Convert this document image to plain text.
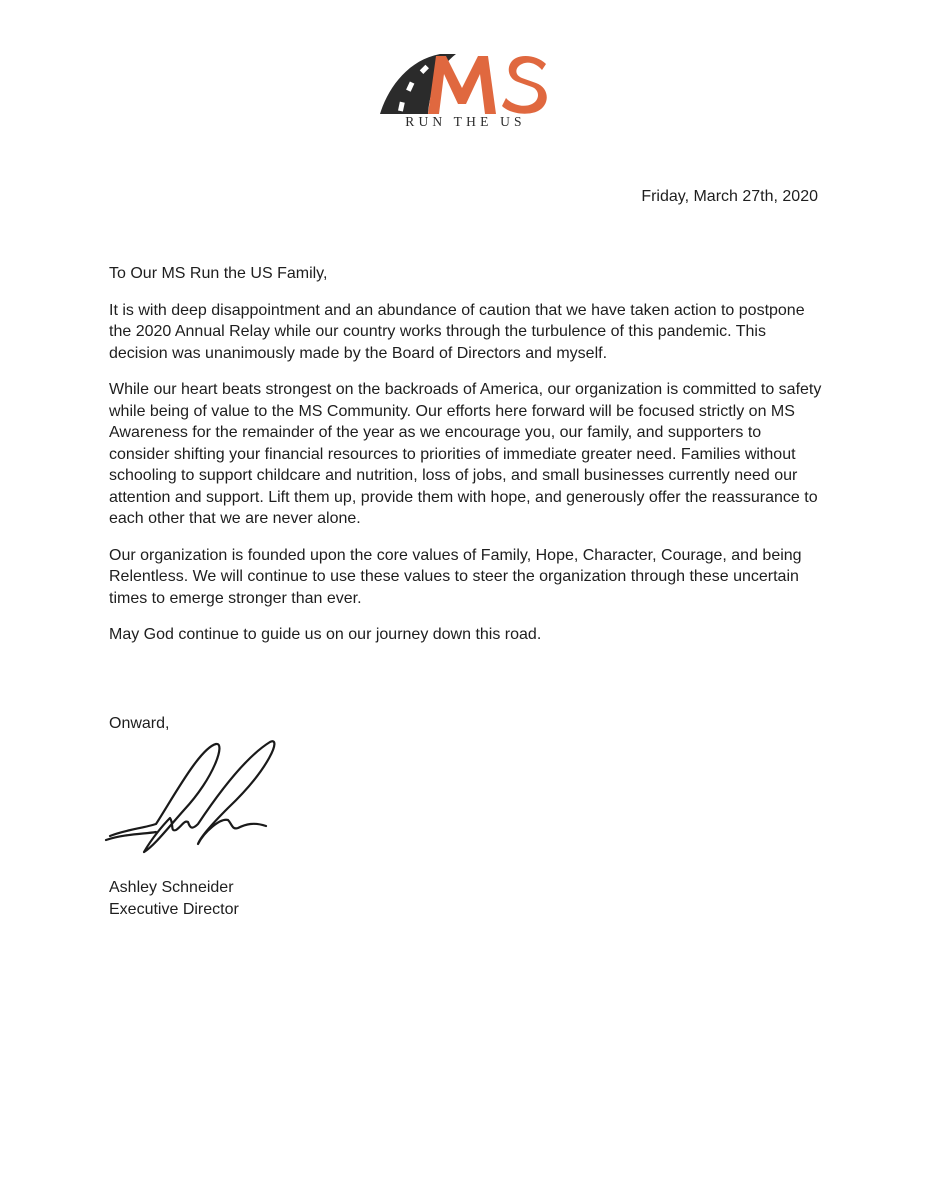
RUN THE US
Friday, March 27th, 2020

To Our MS Run the US Family,

It is with deep disappointment and an abundance of caution that we have taken action to postpone the 2020 Annual Relay while our country works through the turbulence of this pandemic. This decision was unanimously made by the Board of Directors and myself.

While our heart beats strongest on the backroads of America, our organization is committed to safety while being of value to the MS Community. Our efforts here forward will be focused strictly on MS Awareness for the remainder of the year as we encourage you, our family, and supporters to consider shifting your financial resources to priorities of immediate greater need. Families without schooling to support childcare and nutrition, loss of jobs, and small businesses currently need our attention and support. Lift them up, provide them with hope, and generously offer the reassurance to each other that we are never alone.

Our organization is founded upon the core values of Family, Hope, Character, Courage, and being Relentless. We will continue to use these values to steer the organization through these uncertain times to emerge stronger than ever.

May God continue to guide us on our journey down this road.

Onward,
Ashley Schneider
Executive Director
